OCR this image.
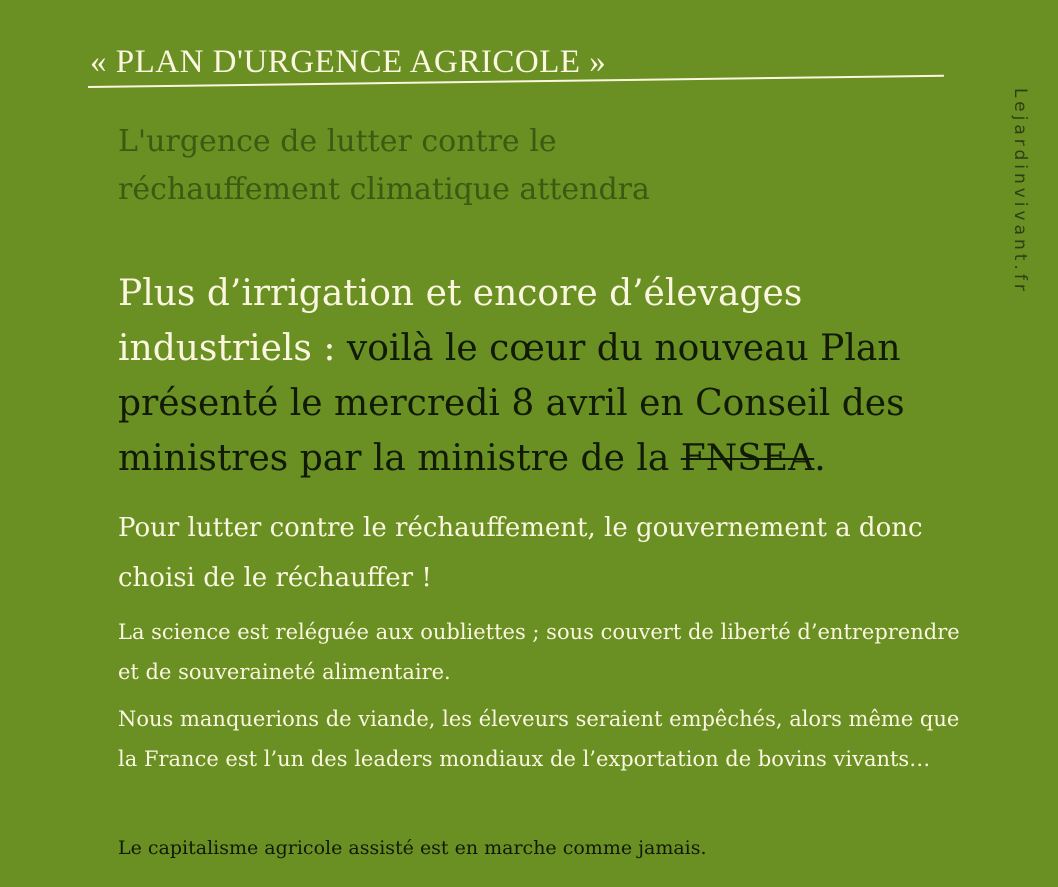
« PLAN D'URGENCE AGRICOLE »
L'urgence de lutter contre le
réchauffement climatique attendra
Plus d’irrigation et encore d’élevages industriels : voilà le cœur du nouveau Plan présenté le mercredi 8 avril en Conseil des ministres par la ministre de la FNSEA.
Pour lutter contre le réchauffement, le gouvernement a donc choisi de le réchauffer !
La science est reléguée aux oubliettes ; sous couvert de liberté d’entreprendre et de souveraineté alimentaire.
Nous manquerions de viande, les éleveurs seraient empêchés, alors même que la France est l’un des leaders mondiaux de l’exportation de bovins vivants…
Le capitalisme agricole assisté est en marche comme jamais.
Lejardinvivant.fr
